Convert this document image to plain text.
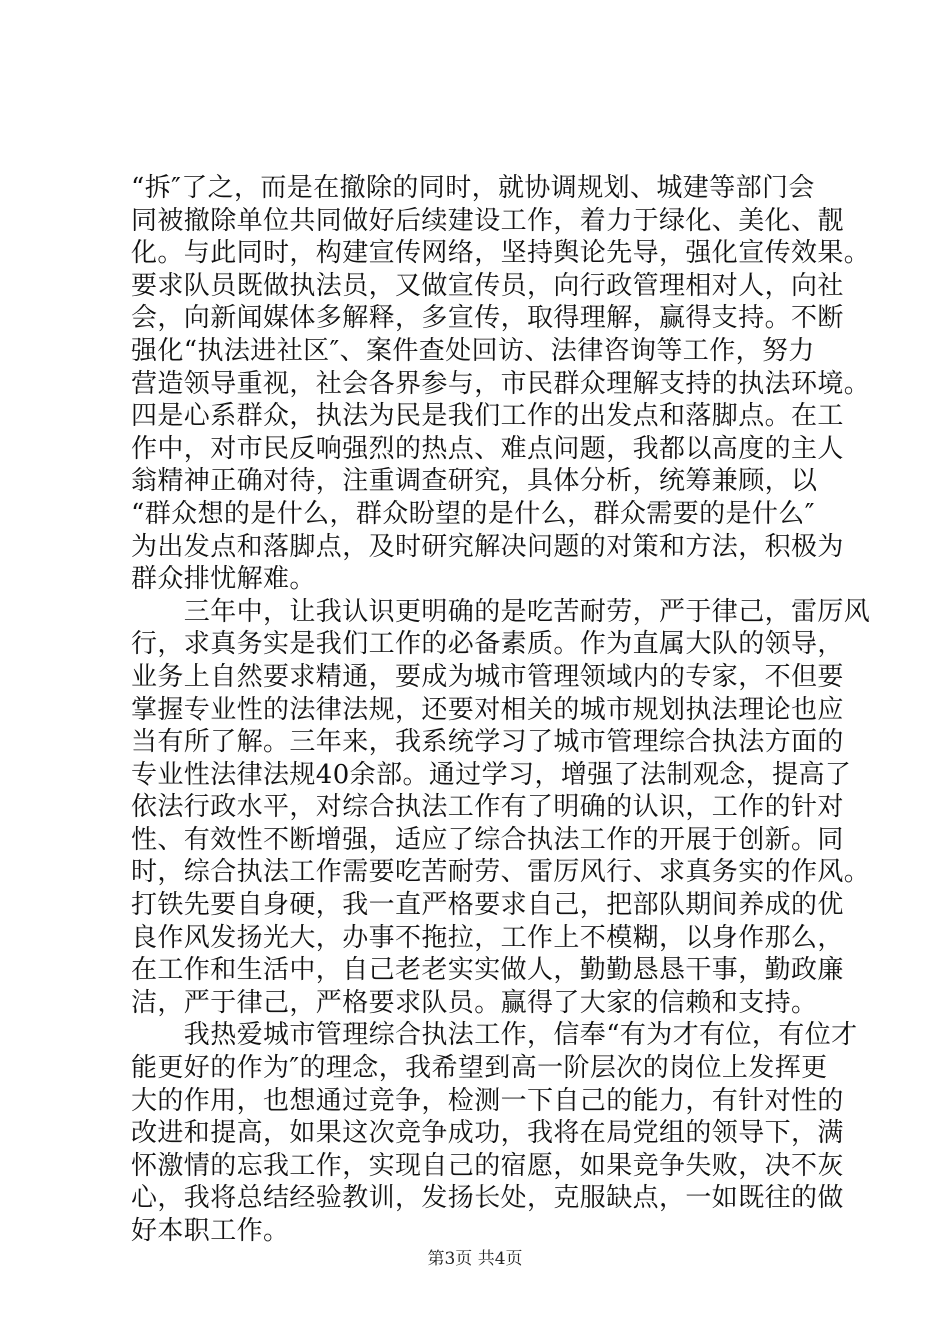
“拆″了之，而是在撤除的同时，就协调规划、城建等部门会
同被撤除单位共同做好后续建设工作，着力于绿化、美化、靓
化。与此同时，构建宣传网络，坚持舆论先导，强化宣传效果。
要求队员既做执法员，又做宣传员，向行政管理相对人，向社
会，向新闻媒体多解释，多宣传，取得理解，赢得支持。不断
强化“执法进社区″、案件查处回访、法律咨询等工作，努力
营造领导重视，社会各界参与，市民群众理解支持的执法环境。
四是心系群众，执法为民是我们工作的出发点和落脚点。在工
作中，对市民反响强烈的热点、难点问题，我都以高度的主人
翁精神正确对待，注重调查研究，具体分析，统筹兼顾，以
“群众想的是什么，群众盼望的是什么，群众需要的是什么″
为出发点和落脚点，及时研究解决问题的对策和方法，积极为
群众排忧解难。
　　三年中，让我认识更明确的是吃苦耐劳，严于律己，雷厉风
行，求真务实是我们工作的必备素质。作为直属大队的领导，
业务上自然要求精通，要成为城市管理领域内的专家，不但要
掌握专业性的法律法规，还要对相关的城市规划执法理论也应
当有所了解。三年来，我系统学习了城市管理综合执法方面的
专业性法律法规40余部。通过学习，增强了法制观念，提高了
依法行政水平，对综合执法工作有了明确的认识，工作的针对
性、有效性不断增强，适应了综合执法工作的开展于创新。同
时，综合执法工作需要吃苦耐劳、雷厉风行、求真务实的作风。
打铁先要自身硬，我一直严格要求自己，把部队期间养成的优
良作风发扬光大，办事不拖拉，工作上不模糊，以身作那么，
在工作和生活中，自己老老实实做人，勤勤恳恳干事，勤政廉
洁，严于律己，严格要求队员。赢得了大家的信赖和支持。
　　我热爱城市管理综合执法工作，信奉“有为才有位，有位才
能更好的作为″的理念，我希望到高一阶层次的岗位上发挥更
大的作用，也想通过竞争，检测一下自己的能力，有针对性的
改进和提高，如果这次竞争成功，我将在局党组的领导下，满
怀激情的忘我工作，实现自己的宿愿，如果竞争失败，决不灰
心，我将总结经验教训，发扬长处，克服缺点，一如既往的做
好本职工作。
第3页 共4页
